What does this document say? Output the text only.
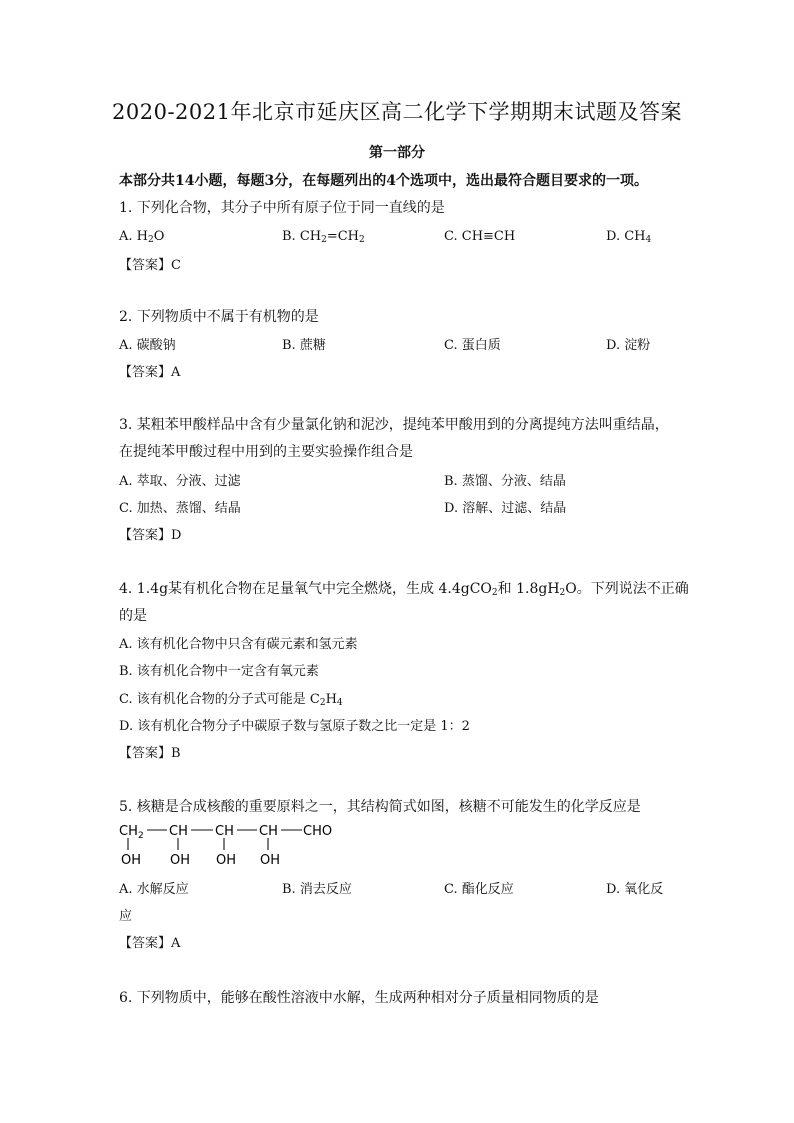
2020-2021年北京市延庆区高二化学下学期期末试题及答案
第一部分
本部分共14小题，每题3分，在每题列出的4个选项中，选出最符合题目要求的一项。
1. 下列化合物，其分子中所有原子位于同一直线的是
A. $H_2O$	B. $CH_2=CH_2$	C. CH≡CH	D. $CH_4$
【答案】C
2. 下列物质中不属于有机物的是
A. 碳酸钠	B. 蔗糖	C. 蛋白质	D. 淀粉
【答案】A
3. 某粗苯甲酸样品中含有少量氯化钠和泥沙，提纯苯甲酸用到的分离提纯方法叫重结晶，
在提纯苯甲酸过程中用到的主要实验操作组合是
A. 萃取、分液、过滤	B. 蒸馏、分液、结晶
C. 加热、蒸馏、结晶	D. 溶解、过滤、结晶
【答案】D
4. 1.4g某有机化合物在足量氧气中完全燃烧，生成 4.4gCO$_2$和 $1.8gH_2O$。下列说法不正确
的是
A. 该有机化合物中只含有碳元素和氢元素
B. 该有机化合物中一定含有氧元素
C. 该有机化合物的分子式可能是 $C_2H_4$
D. 该有机化合物分子中碳原子数与氢原子数之比一定是 1：2
【答案】B
5. 核糖是合成核酸的重要原料之一，其结构简式如图，核糖不可能发生的化学反应是
CH 2 CH CH CH CHO
OH OH OH OH
A. 水解反应	B. 消去反应	C. 酯化反应	D. 氧化反
应
【答案】A
6. 下列物质中，能够在酸性溶液中水解，生成两种相对分子质量相同物质的是
